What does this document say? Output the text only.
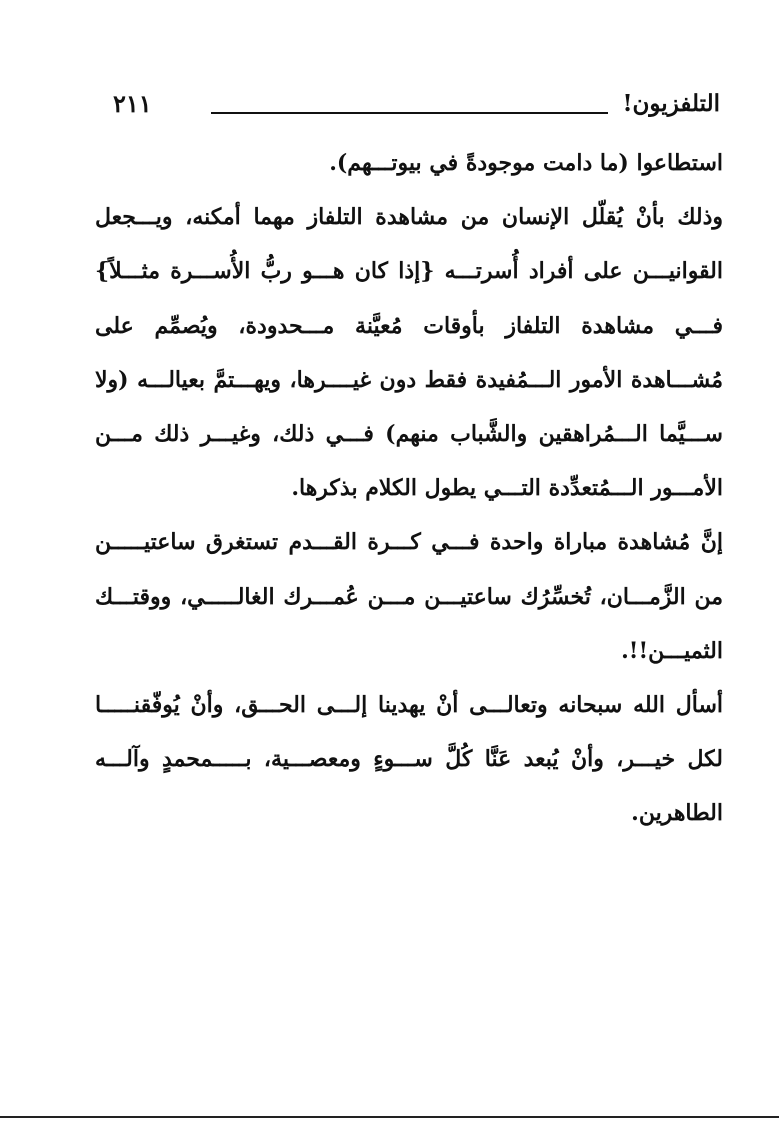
التلفزيون!
٢١١

استطاعوا (ما دامت موجودةً في بيوتـــهم).

وذلك بأنْ يُقلّل الإنسان من مشاهدة التلفاز مهما أمكنه، ويـــجعل القوانيـــن على أفراد أُسرتـــه {إذا كان هـــو ربُّ الأُســـرة مثـــلاً} فـــي مشاهدة التلفاز بأوقات مُعيَّنة مـــحدودة، ويُصمِّم على مُشـــاهدة الأمور الـــمُفيدة فقط دون غيــــرها، ويهـــتمَّ بعيالـــه (ولا ســـيَّما الـــمُراهقين والشَّباب منهم) فـــي ذلك، وغيـــر ذلك مـــن الأمـــور الـــمُتعدِّدة التـــي يطول الكلام بذكرها.

إنَّ مُشاهدة مباراة واحدة فـــي كـــرة القـــدم تستغرق ساعتيـــــن من الزَّمـــان، تُخسِّرُك ساعتيـــن مـــن عُمـــرك الغالـــــي، ووقتـــك الثميـــن!!.

أسأل الله سبحانه وتعالـــى أنْ يهدينا إلـــى الحـــق، وأنْ يُوفّقنـــــا لكل خيـــر، وأنْ يُبعد عَنَّا كُلَّ ســـوءٍ ومعصـــية، بـــــمحمدٍ وآلـــه الطاهرين.
